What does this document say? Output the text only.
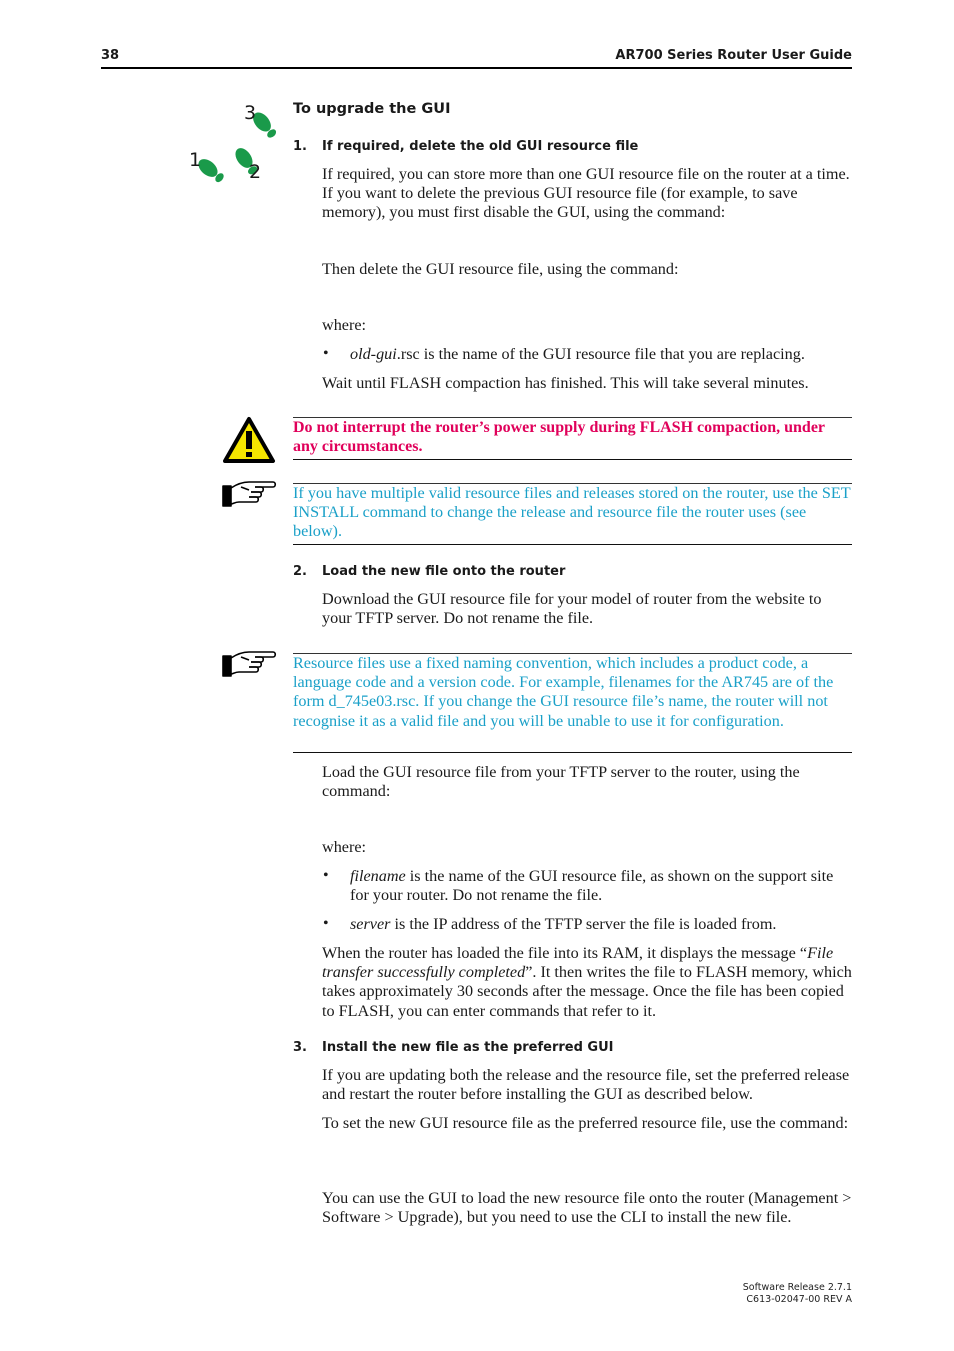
38	AR700 Series Router User Guide
3
1
2
To upgrade the GUI
1. If required, delete the old GUI resource file
If required, you can store more than one GUI resource file on the router at a time. If you want to delete the previous GUI resource file (for example, to save memory), you must first disable the GUI, using the command:
Then delete the GUI resource file, using the command:
where:
• old-gui.rsc is the name of the GUI resource file that you are replacing.
Wait until FLASH compaction has finished. This will take several minutes.
Do not interrupt the router’s power supply during FLASH compaction, under any circumstances.
If you have multiple valid resource files and releases stored on the router, use the SET INSTALL command to change the release and resource file the router uses (see below).
2. Load the new file onto the router
Download the GUI resource file for your model of router from the website to your TFTP server. Do not rename the file.
Resource files use a fixed naming convention, which includes a product code, a language code and a version code. For example, filenames for the AR745 are of the form d_745e03.rsc. If you change the GUI resource file’s name, the router will not recognise it as a valid file and you will be unable to use it for configuration.
Load the GUI resource file from your TFTP server to the router, using the command:
where:
• filename is the name of the GUI resource file, as shown on the support site for your router. Do not rename the file.
• server is the IP address of the TFTP server the file is loaded from.
When the router has loaded the file into its RAM, it displays the message “File transfer successfully completed”. It then writes the file to FLASH memory, which takes approximately 30 seconds after the message. Once the file has been copied to FLASH, you can enter commands that refer to it.
3. Install the new file as the preferred GUI
If you are updating both the release and the resource file, set the preferred release and restart the router before installing the GUI as described below.
To set the new GUI resource file as the preferred resource file, use the command:
You can use the GUI to load the new resource file onto the router (Management > Software > Upgrade), but you need to use the CLI to install the new file.
Software Release 2.7.1
C613-02047-00 REV A
